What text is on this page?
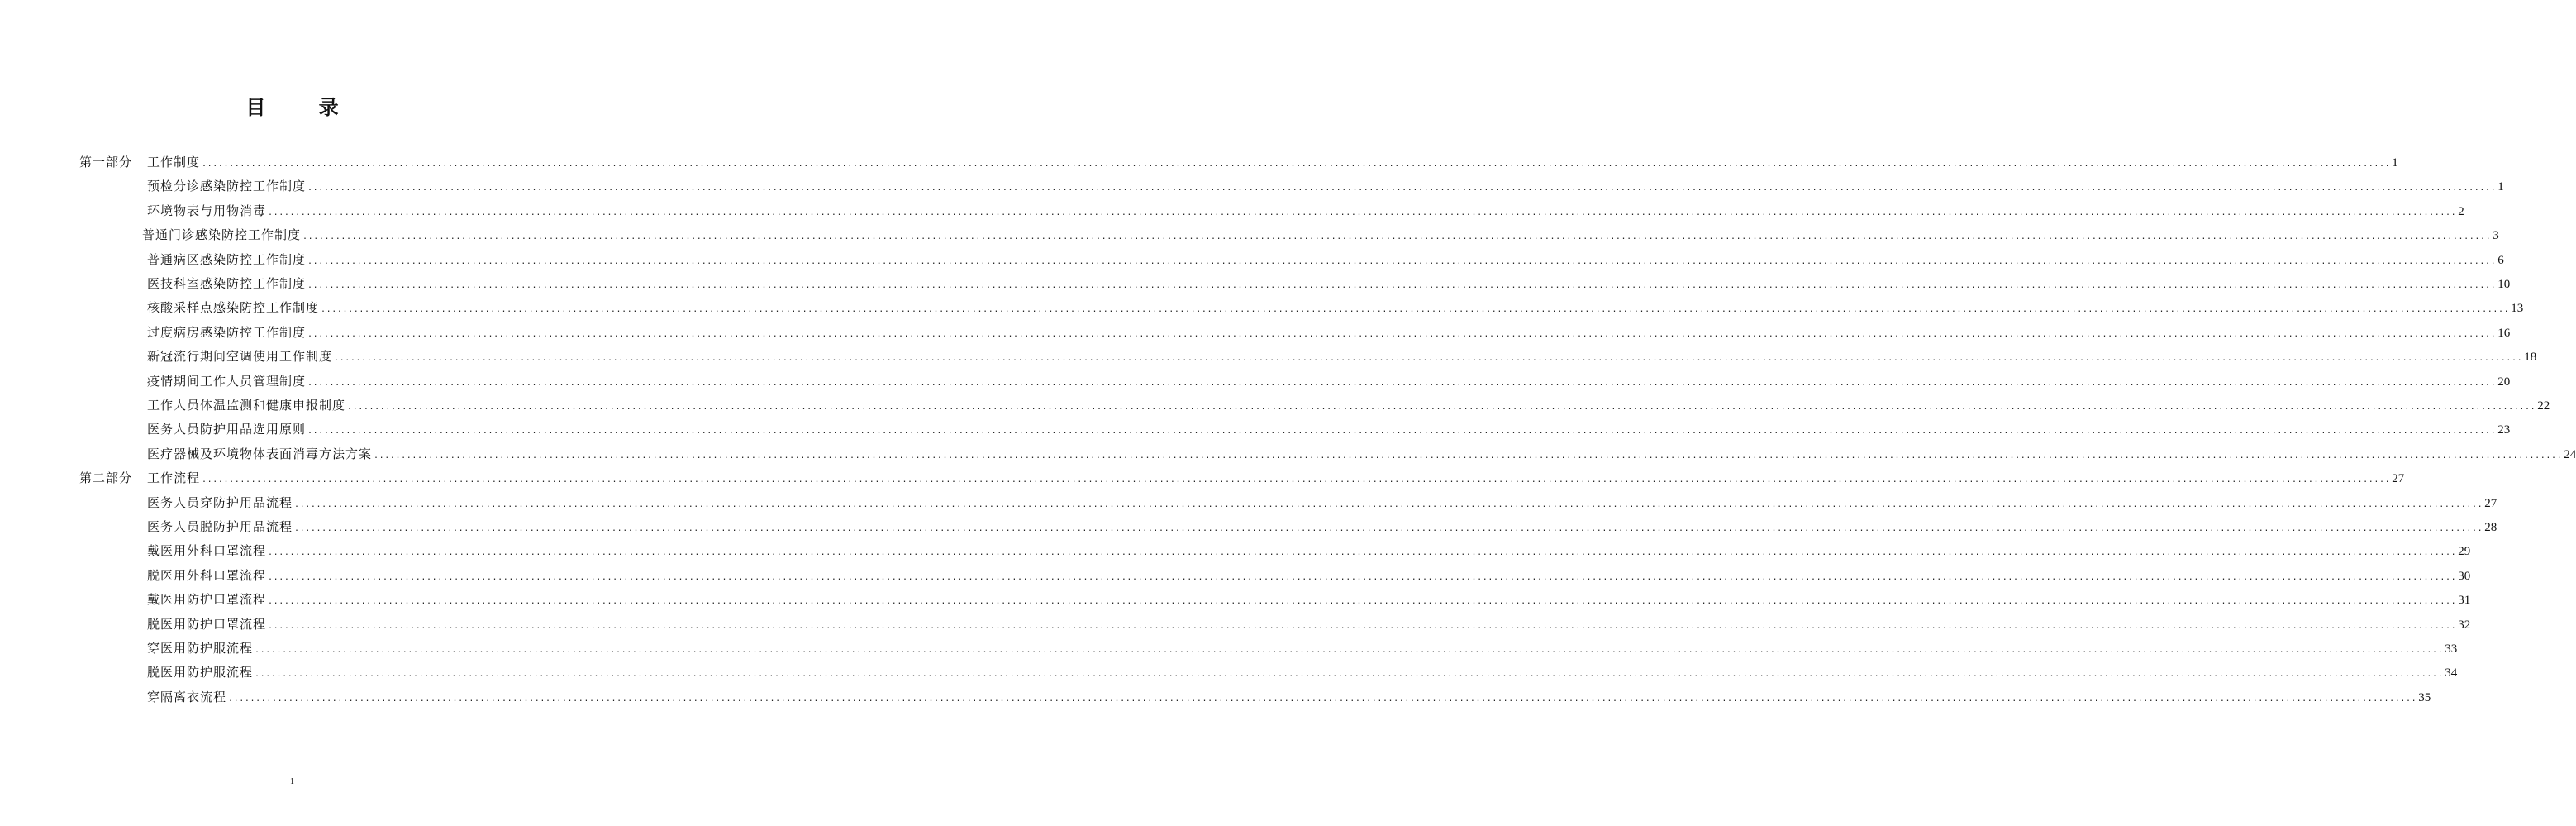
目 录
第一部分 工作制度 ................................................................................................................................................................................................................................................................................................................................................................................................................ 1
预检分诊感染防控工作制度 ................................................................................................................................................................................................................................................................................................................................................................................................................ 1
环境物表与用物消毒 ................................................................................................................................................................................................................................................................................................................................................................................................................ 2
普通门诊感染防控工作制度 ................................................................................................................................................................................................................................................................................................................................................................................................................ 3
普通病区感染防控工作制度 ................................................................................................................................................................................................................................................................................................................................................................................................................ 6
医技科室感染防控工作制度 ................................................................................................................................................................................................................................................................................................................................................................................................................ 10
核酸采样点感染防控工作制度 ................................................................................................................................................................................................................................................................................................................................................................................................................ 13
过度病房感染防控工作制度 ................................................................................................................................................................................................................................................................................................................................................................................................................ 16
新冠流行期间空调使用工作制度 ................................................................................................................................................................................................................................................................................................................................................................................................................ 18
疫情期间工作人员管理制度 ................................................................................................................................................................................................................................................................................................................................................................................................................ 20
工作人员体温监测和健康申报制度 ................................................................................................................................................................................................................................................................................................................................................................................................................ 22
医务人员防护用品选用原则 ................................................................................................................................................................................................................................................................................................................................................................................................................ 23
医疗器械及环境物体表面消毒方法方案 ................................................................................................................................................................................................................................................................................................................................................................................................................ 24
第二部分 工作流程 ................................................................................................................................................................................................................................................................................................................................................................................................................ 27
医务人员穿防护用品流程 ................................................................................................................................................................................................................................................................................................................................................................................................................ 27
医务人员脱防护用品流程 ................................................................................................................................................................................................................................................................................................................................................................................................................ 28
戴医用外科口罩流程 ................................................................................................................................................................................................................................................................................................................................................................................................................ 29
脱医用外科口罩流程 ................................................................................................................................................................................................................................................................................................................................................................................................................ 30
戴医用防护口罩流程 ................................................................................................................................................................................................................................................................................................................................................................................................................ 31
脱医用防护口罩流程 ................................................................................................................................................................................................................................................................................................................................................................................................................ 32
穿医用防护服流程 ................................................................................................................................................................................................................................................................................................................................................................................................................ 33
脱医用防护服流程 ................................................................................................................................................................................................................................................................................................................................................................................................................ 34
穿隔离衣流程 ................................................................................................................................................................................................................................................................................................................................................................................................................ 35
1
